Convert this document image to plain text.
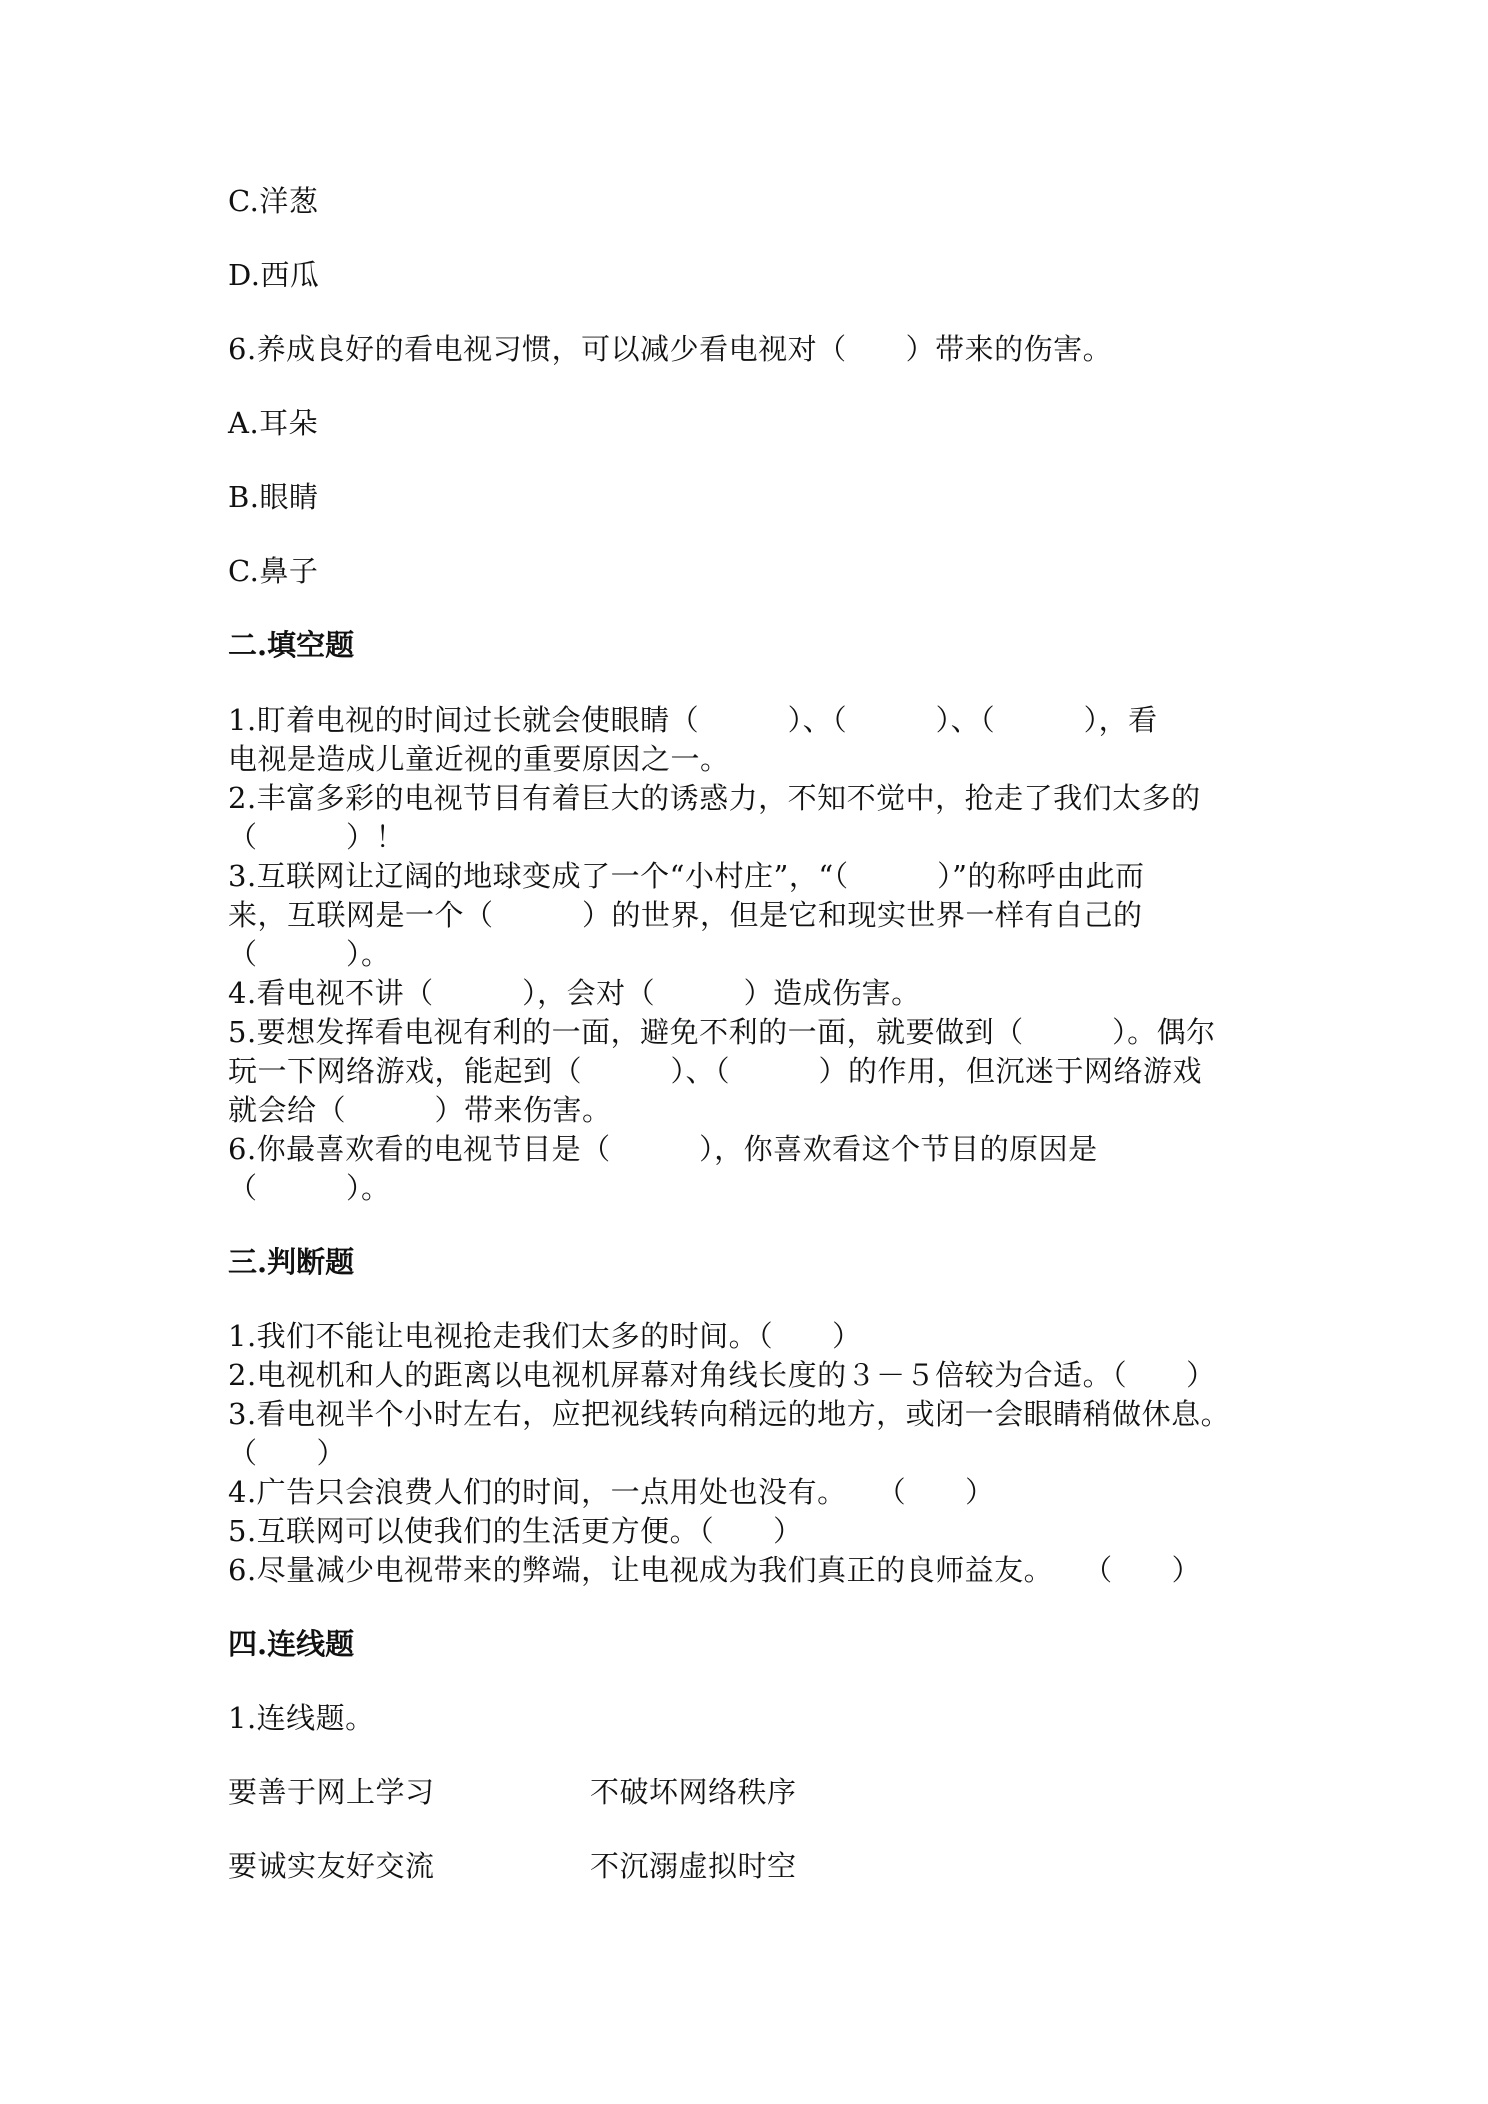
C.洋葱
D.西瓜
6.养成良好的看电视习惯，可以减少看电视对（　　）带来的伤害。
A.耳朵
B.眼睛
C.鼻子
二.填空题
1.盯着电视的时间过长就会使眼睛（　　　）、（　　　）、（　　　），看
电视是造成儿童近视的重要原因之一。
2.丰富多彩的电视节目有着巨大的诱惑力，不知不觉中，抢走了我们太多的
（　　　）！
3.互联网让辽阔的地球变成了一个“小村庄”，“（　　　）”的称呼由此而
来，互联网是一个（　　　）的世界，但是它和现实世界一样有自己的
（　　　）。
4.看电视不讲（　　　），会对（　　　）造成伤害。
5.要想发挥看电视有利的一面，避免不利的一面，就要做到（　　　）。偶尔
玩一下网络游戏，能起到（　　　）、（　　　）的作用，但沉迷于网络游戏
就会给（　　　）带来伤害。
6.你最喜欢看的电视节目是（　　　），你喜欢看这个节目的原因是
（　　　）。
三.判断题
1.我们不能让电视抢走我们太多的时间。（　　）
2.电视机和人的距离以电视机屏幕对角线长度的３－５倍较为合适。（　　）
3.看电视半个小时左右，应把视线转向稍远的地方，或闭一会眼睛稍做休息。
（　　）
4.广告只会浪费人们的时间，一点用处也没有。　　（　　）
5.互联网可以使我们的生活更方便。（　　）
6.尽量减少电视带来的弊端，让电视成为我们真正的良师益友。　　（　　）
四.连线题
1.连线题。
要善于网上学习	不破坏网络秩序
要诚实友好交流	不沉溺虚拟时空
